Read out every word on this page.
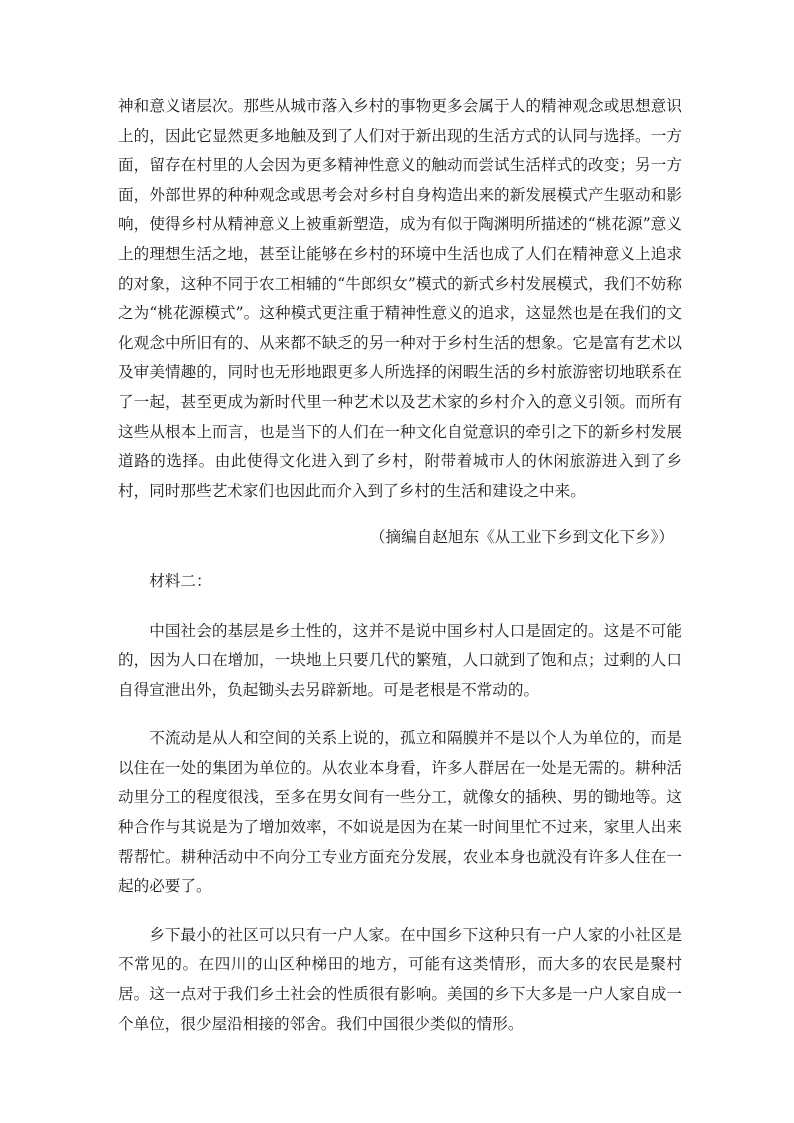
神和意义诸层次。那些从城市落入乡村的事物更多会属于人的精神观念或思想意识上的，因此它显然更多地触及到了人们对于新出现的生活方式的认同与选择。一方面，留存在村里的人会因为更多精神性意义的触动而尝试生活样式的改变；另一方面，外部世界的种种观念或思考会对乡村自身构造出来的新发展模式产生驱动和影响，使得乡村从精神意义上被重新塑造，成为有似于陶渊明所描述的“桃花源”意义上的理想生活之地，甚至让能够在乡村的环境中生活也成了人们在精神意义上追求的对象，这种不同于农工相辅的“牛郎织女”模式的新式乡村发展模式，我们不妨称之为“桃花源模式”。这种模式更注重于精神性意义的追求，这显然也是在我们的文化观念中所旧有的、从来都不缺乏的另一种对于乡村生活的想象。它是富有艺术以及审美情趣的，同时也无形地跟更多人所选择的闲暇生活的乡村旅游密切地联系在了一起，甚至更成为新时代里一种艺术以及艺术家的乡村介入的意义引领。而所有这些从根本上而言，也是当下的人们在一种文化自觉意识的牵引之下的新乡村发展道路的选择。由此使得文化进入到了乡村，附带着城市人的休闲旅游进入到了乡村，同时那些艺术家们也因此而介入到了乡村的生活和建设之中来。

（摘编自赵旭东《从工业下乡到文化下乡》）

材料二：

中国社会的基层是乡土性的，这并不是说中国乡村人口是固定的。这是不可能的，因为人口在增加，一块地上只要几代的繁殖，人口就到了饱和点；过剩的人口自得宣泄出外，负起锄头去另辟新地。可是老根是不常动的。

不流动是从人和空间的关系上说的，孤立和隔膜并不是以个人为单位的，而是以住在一处的集团为单位的。从农业本身看，许多人群居在一处是无需的。耕种活动里分工的程度很浅，至多在男女间有一些分工，就像女的插秧、男的锄地等。这种合作与其说是为了增加效率，不如说是因为在某一时间里忙不过来，家里人出来帮帮忙。耕种活动中不向分工专业方面充分发展，农业本身也就没有许多人住在一起的必要了。

乡下最小的社区可以只有一户人家。在中国乡下这种只有一户人家的小社区是不常见的。在四川的山区种梯田的地方，可能有这类情形，而大多的农民是聚村居。这一点对于我们乡土社会的性质很有影响。美国的乡下大多是一户人家自成一个单位，很少屋沿相接的邻舍。我们中国很少类似的情形。
